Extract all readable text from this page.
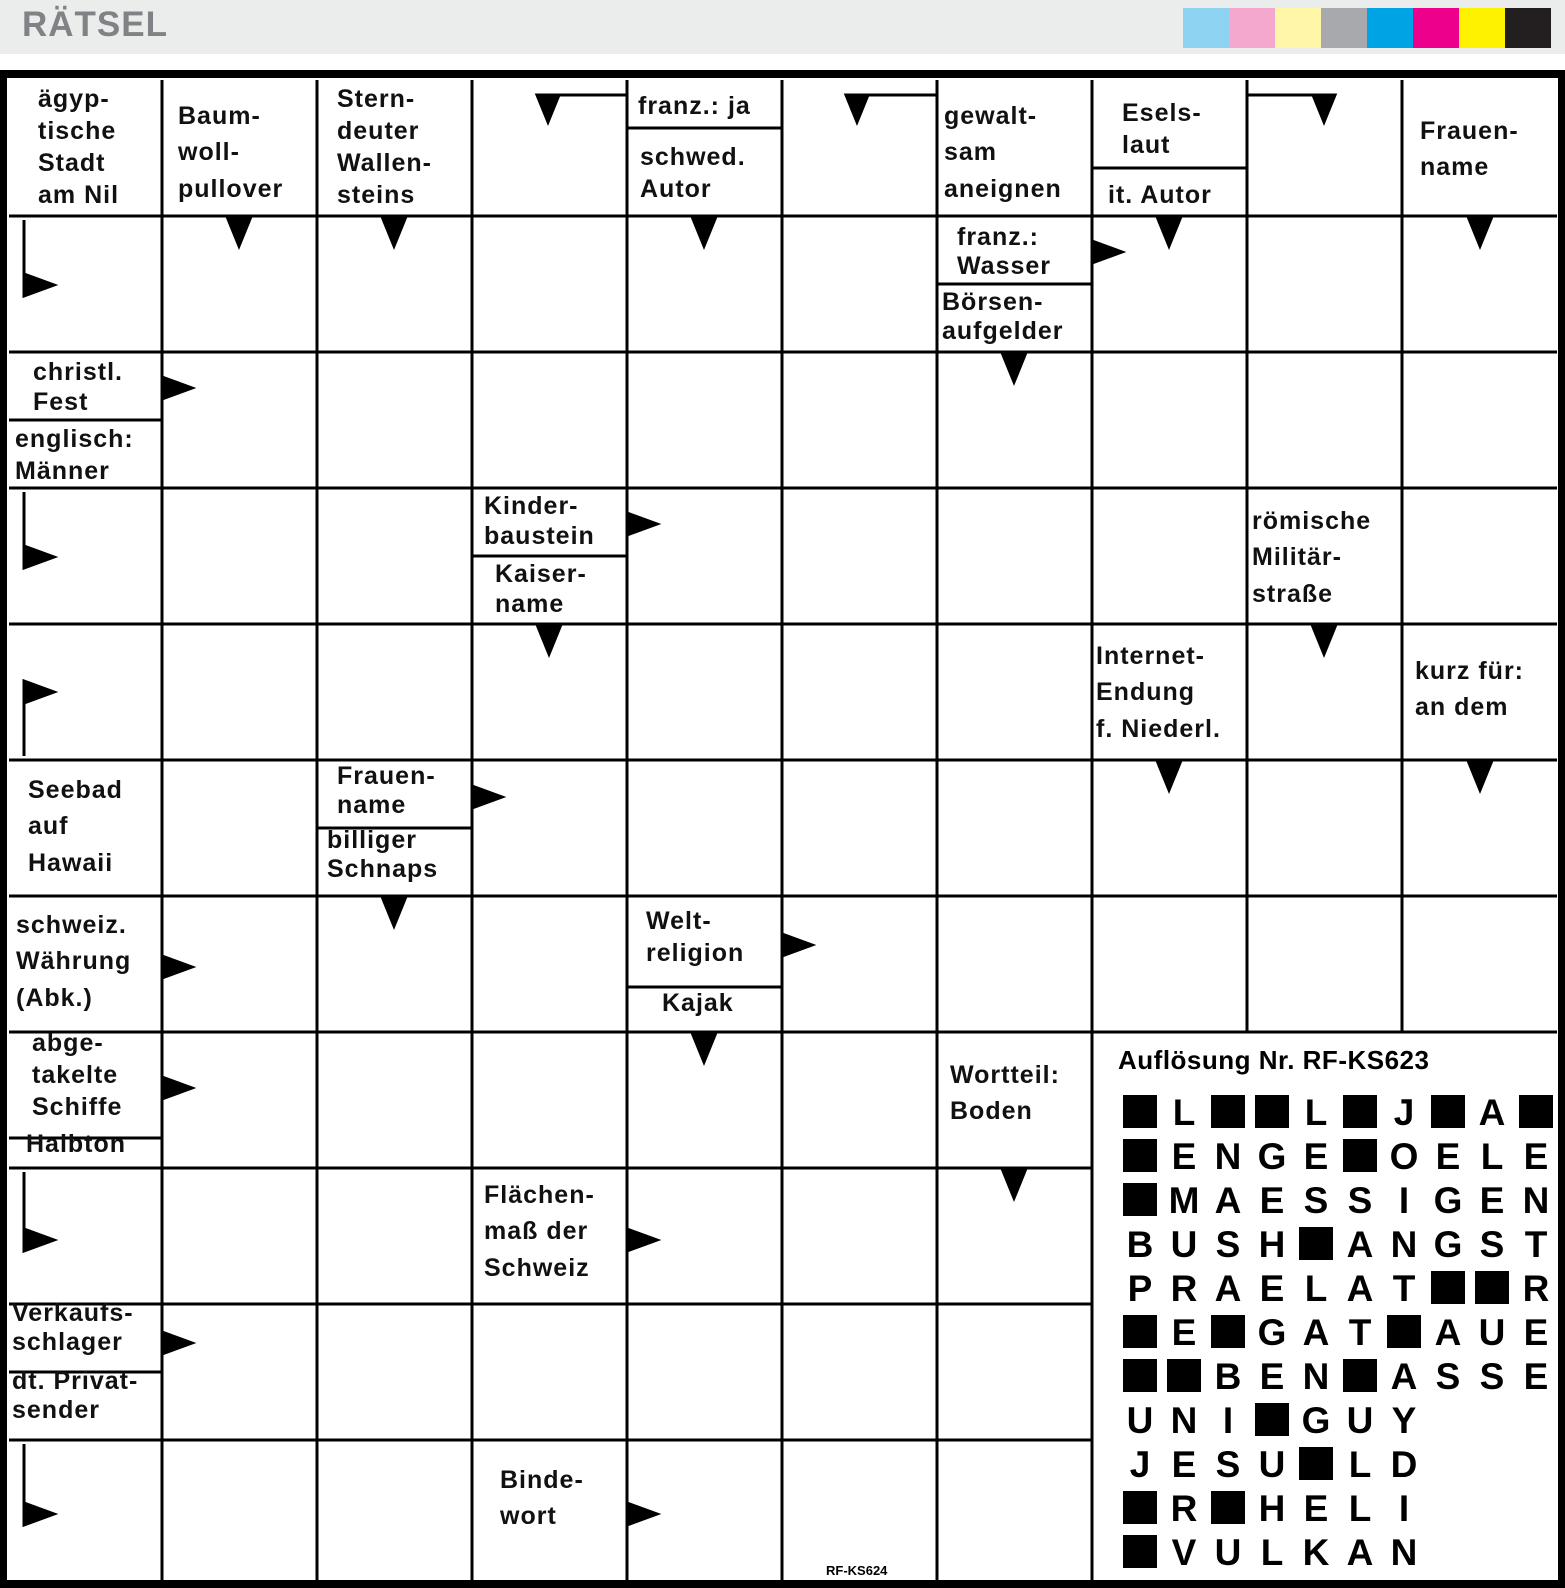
RÄTSEL
ägyp-
tische
Stadt
am Nil
Baum-
woll-
pullover
Stern-
deuter
Wallen-
steins
franz.: ja
schwed.
Autor
gewalt-
sam
aneignen
Esels-
laut
it. Autor
Frauen-
name
franz.:
Wasser
Börsen-
aufgelder
christl.
Fest
englisch:
Männer
Kinder-
baustein
Kaiser-
name
römische
Militär-
straße
Internet-
Endung
f. Niederl.
kurz für:
an dem
Seebad
auf
Hawaii
Frauen-
name
billiger
Schnaps
schweiz.
Währung
(Abk.)
Welt-
religion
Kajak
abge-
takelte
Schiffe
Halbton
Wortteil:
Boden
Flächen-
maß der
Schweiz
Verkaufs-
schlager
dt. Privat-
sender
Binde-
wort
Auflösung Nr. RF-KS623
L	L J A
E N G E O E L E
M A E S S I G E N
B U S H A N G S T
P R A E L A T	R
E G A T A U E
B E N A S S E
U N I G U Y
J E S U L D
R H E L I
V U L K A N
RF-KS624
